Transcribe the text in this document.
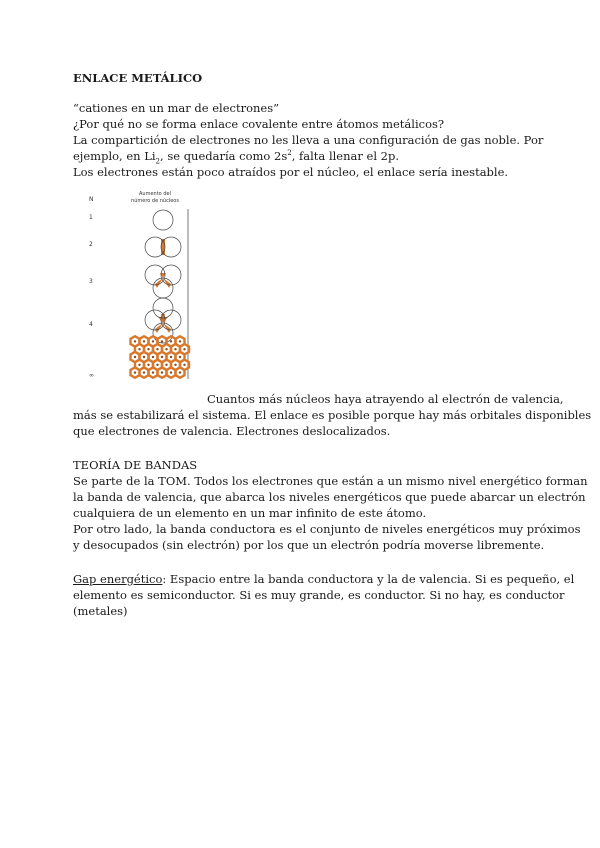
ENLACE METÁLICO
“cationes en un mar de electrones”
¿Por qué no se forma enlace covalente entre átomos metálicos?
La compartición de electrones no les lleva a una configuración de gas noble. Por
ejemplo, en $Li_2$, se quedaría como $2s^2$, falta llenar el 2p.
Los electrones están poco atraídos por el núcleo, el enlace sería inestable.
N
Aumento del
número de núcleos
1
2
3
4
∞
Cuantos más núcleos haya atrayendo al electrón de valencia,
más se estabilizará el sistema. El enlace es posible porque hay más orbitales disponibles
que electrones de valencia. Electrones deslocalizados.
TEORÍA DE BANDAS
Se parte de la TOM. Todos los electrones que están a un mismo nivel energético forman
la banda de valencia, que abarca los niveles energéticos que puede abarcar un electrón
cualquiera de un elemento en un mar infinito de este átomo.
Por otro lado, la banda conductora es el conjunto de niveles energéticos muy próximos
y desocupados (sin electrón) por los que un electrón podría moverse libremente.
Gap energético: Espacio entre la banda conductora y la de valencia. Si es pequeño, el
elemento es semiconductor. Si es muy grande, es conductor. Si no hay, es conductor
(metales)
